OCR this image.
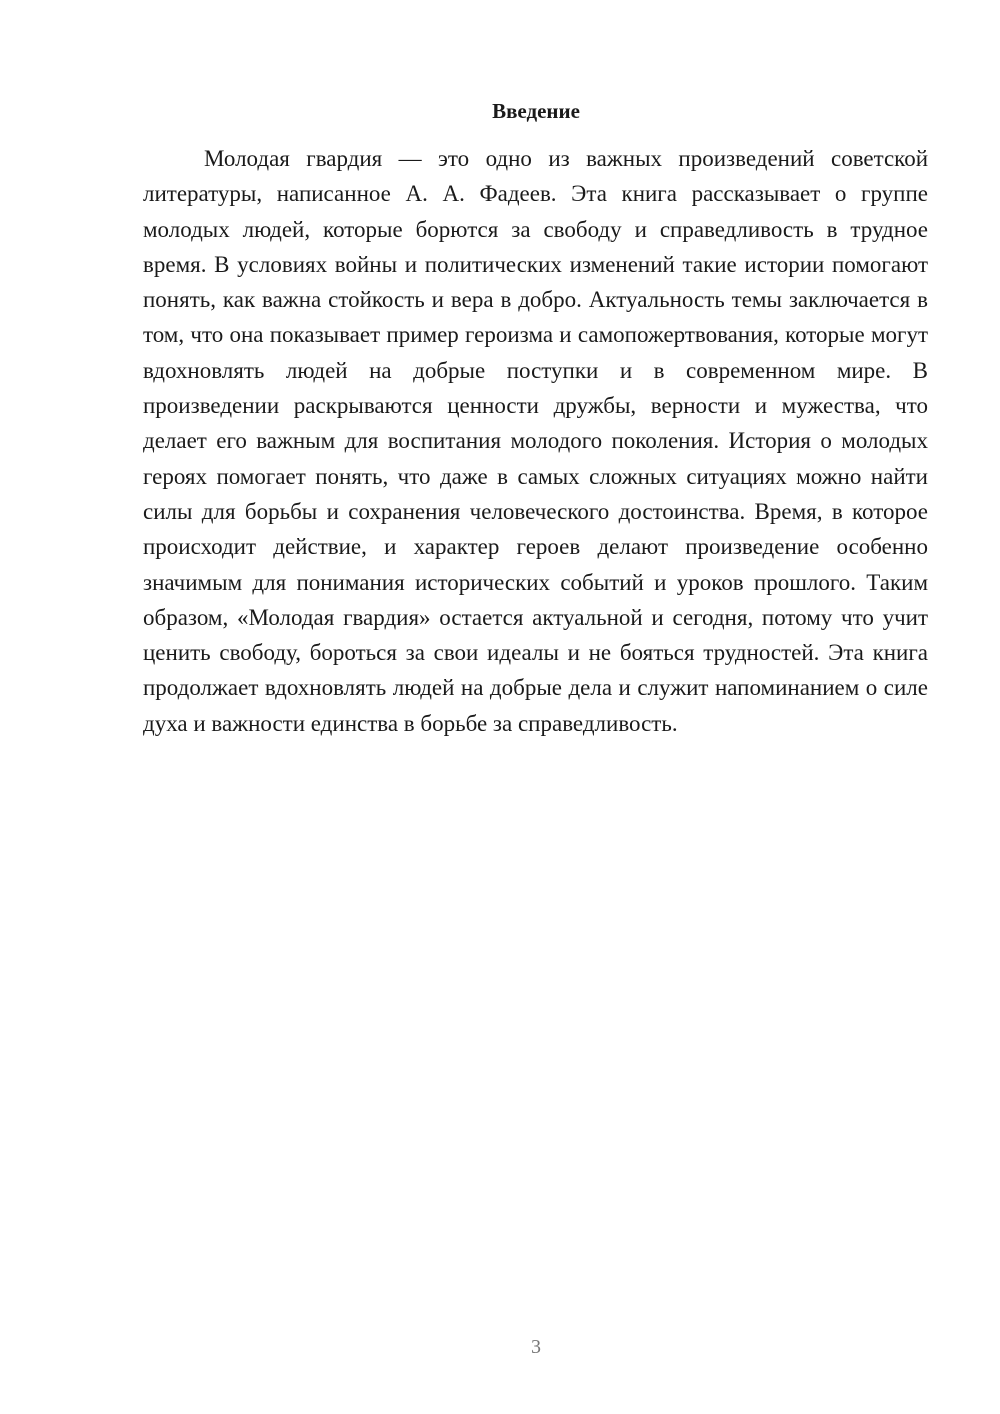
Введение

Молодая гвардия — это одно из важных произведений советской литературы, написанное А. А. Фадеев. Эта книга рассказывает о группе молодых людей, которые борются за свободу и справедливость в трудное время. В условиях войны и политических изменений такие истории помогают понять, как важна стойкость и вера в добро. Актуальность темы заключается в том, что она показывает пример героизма и самопожертвования, которые могут вдохновлять людей на добрые поступки и в современном мире. В произведении раскрываются ценности дружбы, верности и мужества, что делает его важным для воспитания молодого поколения. История о молодых героях помогает понять, что даже в самых сложных ситуациях можно найти силы для борьбы и сохранения человеческого достоинства. Время, в которое происходит действие, и характер героев делают произведение особенно значимым для понимания исторических событий и уроков прошлого. Таким образом, «Молодая гвардия» остается актуальной и сегодня, потому что учит ценить свободу, бороться за свои идеалы и не бояться трудностей. Эта книга продолжает вдохновлять людей на добрые дела и служит напоминанием о силе духа и важности единства в борьбе за справедливость.

3
